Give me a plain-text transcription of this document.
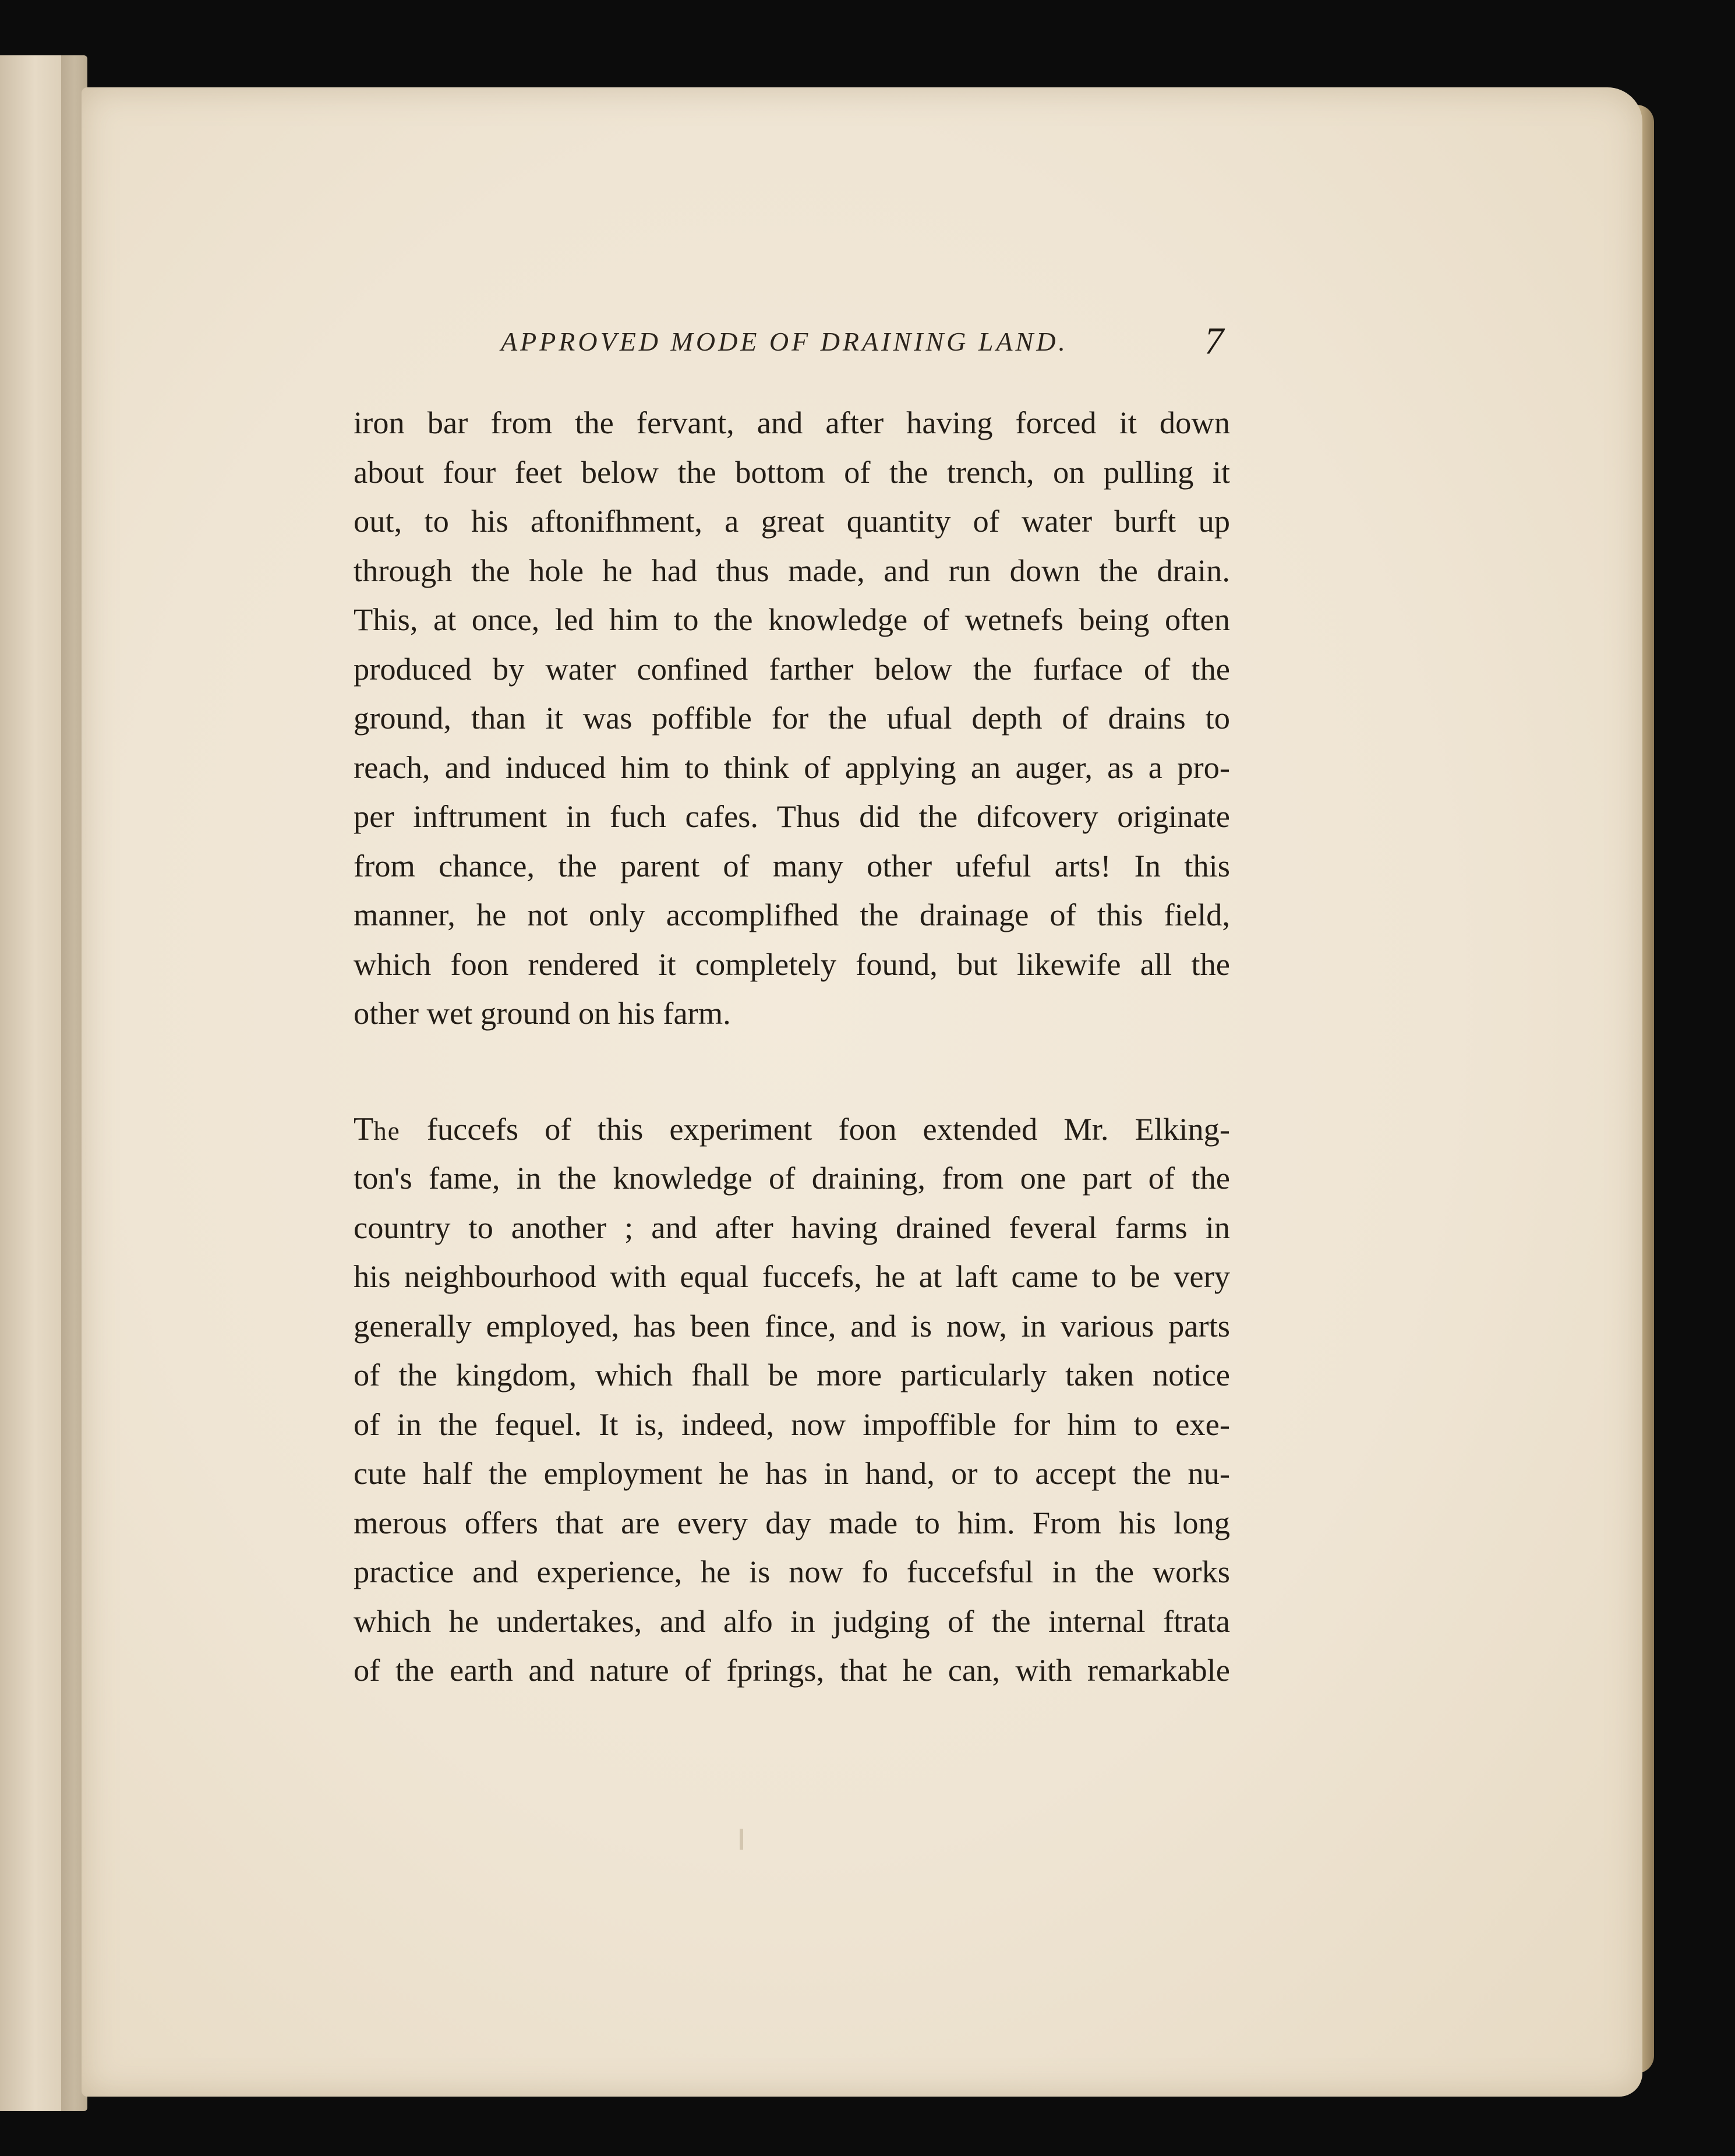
APPROVED MODE OF DRAINING LAND.	7
iron bar from the fervant, and after having forced it down
about four feet below the bottom of the trench, on pulling it
out, to his aftonifhment, a great quantity of water burft up
through the hole he had thus made, and run down the drain.
This, at once, led him to the knowledge of wetnefs being often
produced by water confined farther below the furface of the
ground, than it was poffible for the ufual depth of drains to
reach, and induced him to think of applying an auger, as a pro-
per inftrument in fuch cafes. Thus did the difcovery originate
from chance, the parent of many other ufeful arts! In this
manner, he not only accomplifhed the drainage of this field,
which foon rendered it completely found, but likewife all the
other wet ground on his farm.
The fuccefs of this experiment foon extended Mr. Elking-
ton's fame, in the knowledge of draining, from one part of the
country to another ; and after having drained feveral farms in
his neighbourhood with equal fuccefs, he at laft came to be very
generally employed, has been fince, and is now, in various parts
of the kingdom, which fhall be more particularly taken notice
of in the fequel. It is, indeed, now impoffible for him to exe-
cute half the employment he has in hand, or to accept the nu-
merous offers that are every day made to him. From his long
practice and experience, he is now fo fuccefsful in the works
which he undertakes, and alfo in judging of the internal ftrata
of the earth and nature of fprings, that he can, with remarkable
